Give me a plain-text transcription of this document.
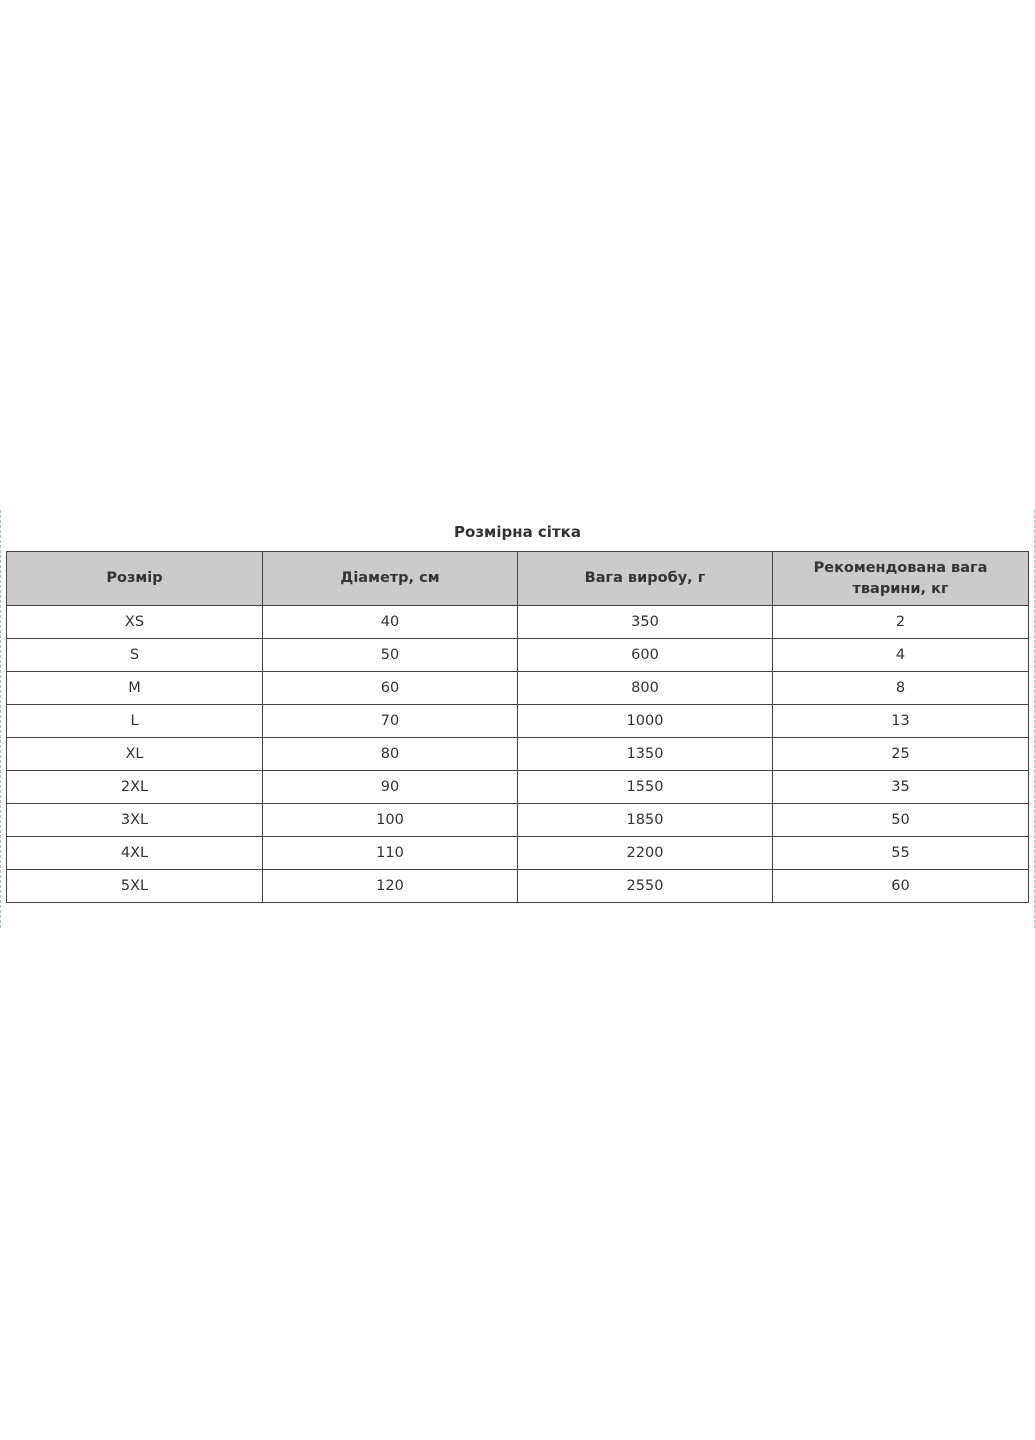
Розмірна сітка
Розмір	Діаметр, см	Вага виробу, г	Рекомендована вага тварини, кг
XS	40	350	2
S	50	600	4
M	60	800	8
L	70	1000	13
XL	80	1350	25
2XL	90	1550	35
3XL	100	1850	50
4XL	110	2200	55
5XL	120	2550	60
